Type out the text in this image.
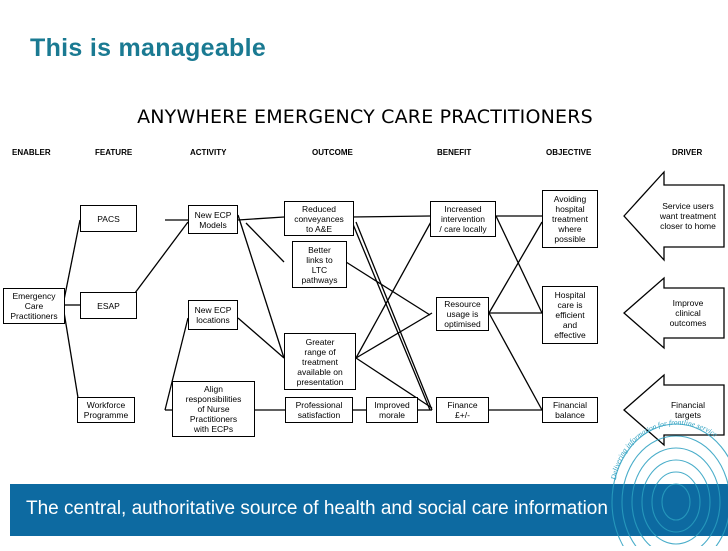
This is manageable
ANYWHERE EMERGENCY CARE PRACTITIONERS
ENABLER	FEATURE	ACTIVITY	OUTCOME	BENEFIT	OBJECTIVE	DRIVER
Emergency
Care
Practitioners
PACS
ESAP
Workforce
Programme
New ECP
Models
New ECP
locations
Align
responsibilities
of Nurse
Practitioners
with ECPs
Reduced
conveyances
to A&E
Better
links to
LTC
pathways
Greater
range of
treatment
available on
presentation
Professional
satisfaction
Improved
morale
Increased
intervention
/ care locally
Resource
usage is
optimised
Finance
£+/-
Avoiding
hospital
treatment
where
possible
Hospital
care is
efficient
and
effective
Financial
balance
Service users
want treatment
closer to home
Improve
clinical
outcomes
Financial
targets
The central, authoritative source of health and social care information
Delivering information for frontline service
